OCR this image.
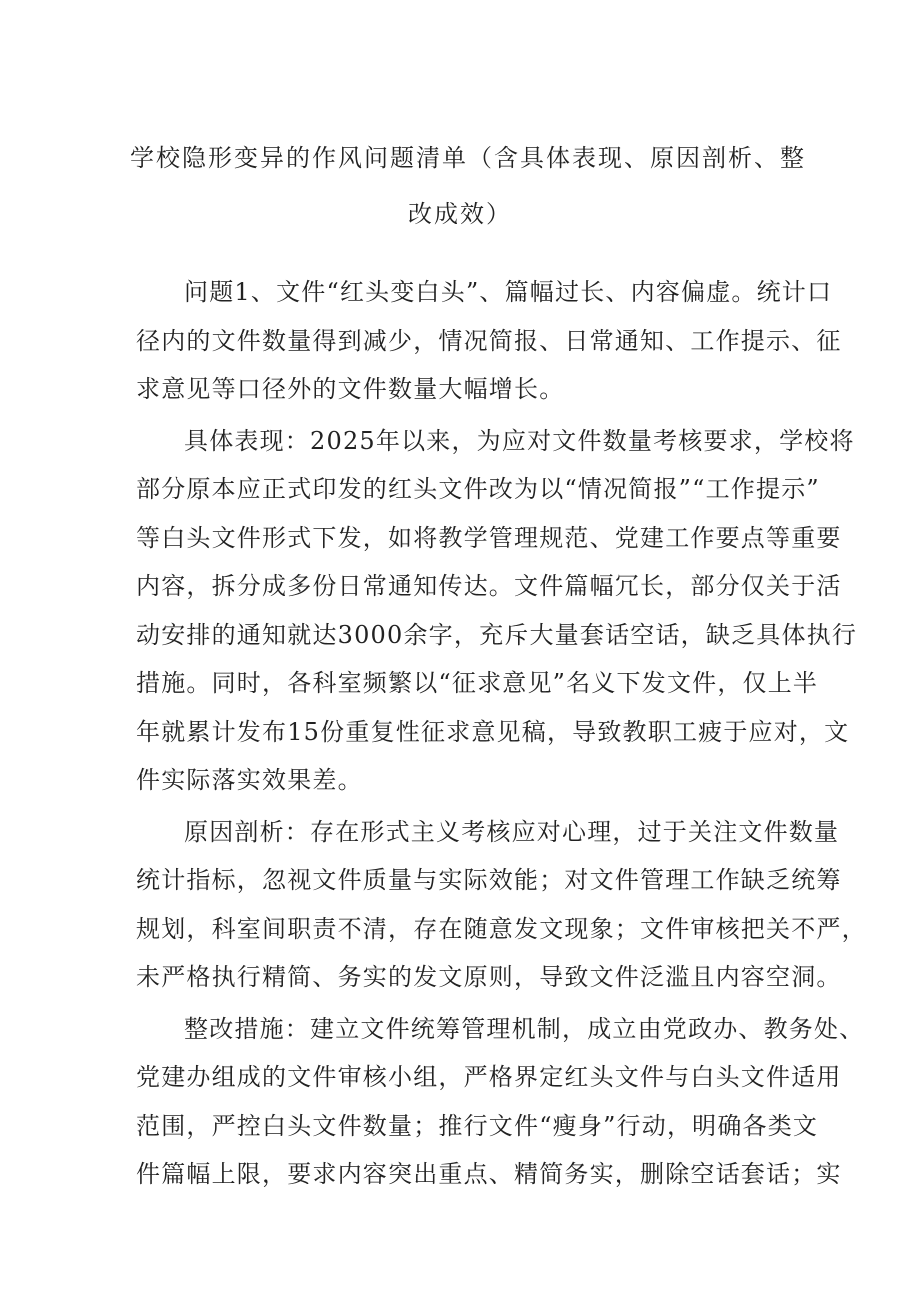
学校隐形变异的作风问题清单（含具体表现、原因剖析、整
改成效）
问题1、文件“红头变白头”、篇幅过长、内容偏虚。统计口
径内的文件数量得到减少，情况简报、日常通知、工作提示、征
求意见等口径外的文件数量大幅增长。
具体表现：2025年以来，为应对文件数量考核要求，学校将
部分原本应正式印发的红头文件改为以“情况简报”“工作提示”
等白头文件形式下发，如将教学管理规范、党建工作要点等重要
内容，拆分成多份日常通知传达。文件篇幅冗长，部分仅关于活
动安排的通知就达3000余字，充斥大量套话空话，缺乏具体执行
措施。同时，各科室频繁以“征求意见”名义下发文件，仅上半
年就累计发布15份重复性征求意见稿，导致教职工疲于应对，文
件实际落实效果差。
原因剖析：存在形式主义考核应对心理，过于关注文件数量
统计指标，忽视文件质量与实际效能；对文件管理工作缺乏统筹
规划，科室间职责不清，存在随意发文现象；文件审核把关不严，
未严格执行精简、务实的发文原则，导致文件泛滥且内容空洞。
整改措施：建立文件统筹管理机制，成立由党政办、教务处、
党建办组成的文件审核小组，严格界定红头文件与白头文件适用
范围，严控白头文件数量；推行文件“瘦身”行动，明确各类文
件篇幅上限，要求内容突出重点、精简务实，删除空话套话；实
